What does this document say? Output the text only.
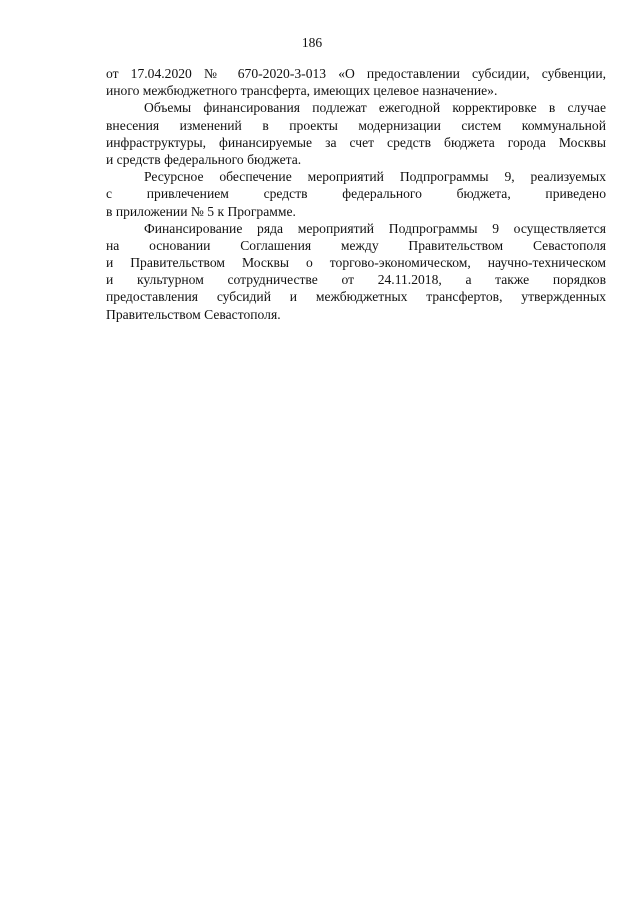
186
от 17.04.2020 № 670-2020-3-013 «О предоставлении субсидии, субвенции,
иного межбюджетного трансферта, имеющих целевое назначение».
Объемы финансирования подлежат ежегодной корректировке в случае
внесения изменений в проекты модернизации систем коммунальной
инфраструктуры, финансируемые за счет средств бюджета города Москвы
и средств федерального бюджета.
Ресурсное обеспечение мероприятий Подпрограммы 9, реализуемых
с привлечением средств федерального бюджета, приведено
в приложении № 5 к Программе.
Финансирование ряда мероприятий Подпрограммы 9 осуществляется
на основании Соглашения между Правительством Севастополя
и Правительством Москвы о торгово-экономическом, научно-техническом
и культурном сотрудничестве от 24.11.2018, а также порядков
предоставления субсидий и межбюджетных трансфертов, утвержденных
Правительством Севастополя.
